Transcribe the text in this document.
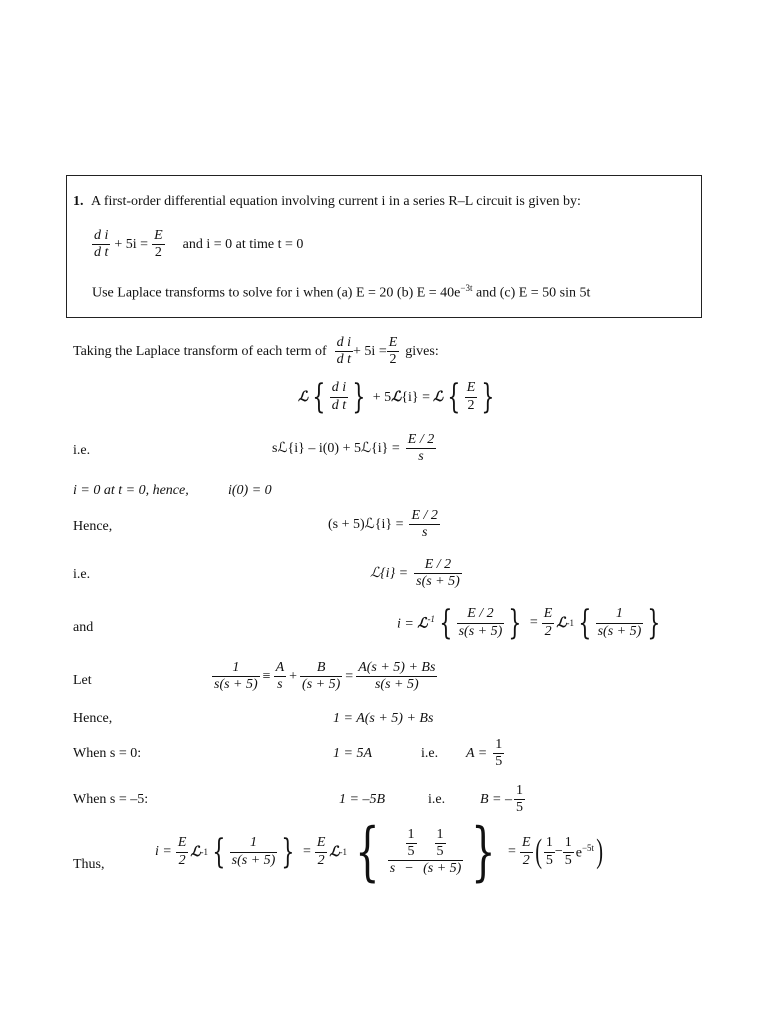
1. A first-order differential equation involving current i in a series R–L circuit is given by:
$\frac{\text{d i}}{\text{d t}} + 5i = \frac{E}{2}$ and i = 0 at time t = 0
Use Laplace transforms to solve for i when (a) E = 20 (b) $E = 40e^{-3t}$ and (c) E = 50 sin 5t
Taking the Laplace transform of each term of $\frac{\text{d i}}{\text{d t}} + 5i = \frac{E}{2}$ gives:
ℒ { $\frac{\text{d i}}{\text{d t}}$ } + 5ℒ{i} = ℒ { $\frac{E}{2}$ }
i.e.	sℒ{i} – i(0) + 5ℒ{i} = $\frac{E / 2}{s}$
i = 0 at t = 0, hence,	i(0) = 0
Hence,	(s + 5)ℒ{i} = $\frac{E / 2}{s}$
i.e.	ℒ{i} = $\frac{E / 2}{s(s + 5)}$
and	i = ℒ$^{-1}$ { $\frac{E / 2}{s(s + 5)}$ } = $\frac{E}{2}$ ℒ -1 { $\frac{1}{s(s + 5)}$ }
Let	$\frac{1}{s(s + 5)} \equiv \frac{A}{s} + \frac{B}{(s + 5)} = \frac{A(s + 5) + Bs}{s(s + 5)}$
Hence,	1 = A(s + 5) + Bs
When s = 0:	1 = 5A	i.e. $A = \frac{1}{5}$
When s = –5:	1 = –5B	i.e. B = – $\frac{1}{5}$
Thus,
$i = \frac{E}{2}$ ℒ -1 { $\frac{1}{s(s + 5)}$ } = $\frac{E}{2}$ ℒ -1 { $\frac{\frac{1}{5} \frac{1}{5}}{s - (s + 5)}$ } = $\frac{E}{2}$ ( $\frac{1}{5} - \frac{1}{5} e^{-5t}$ )
